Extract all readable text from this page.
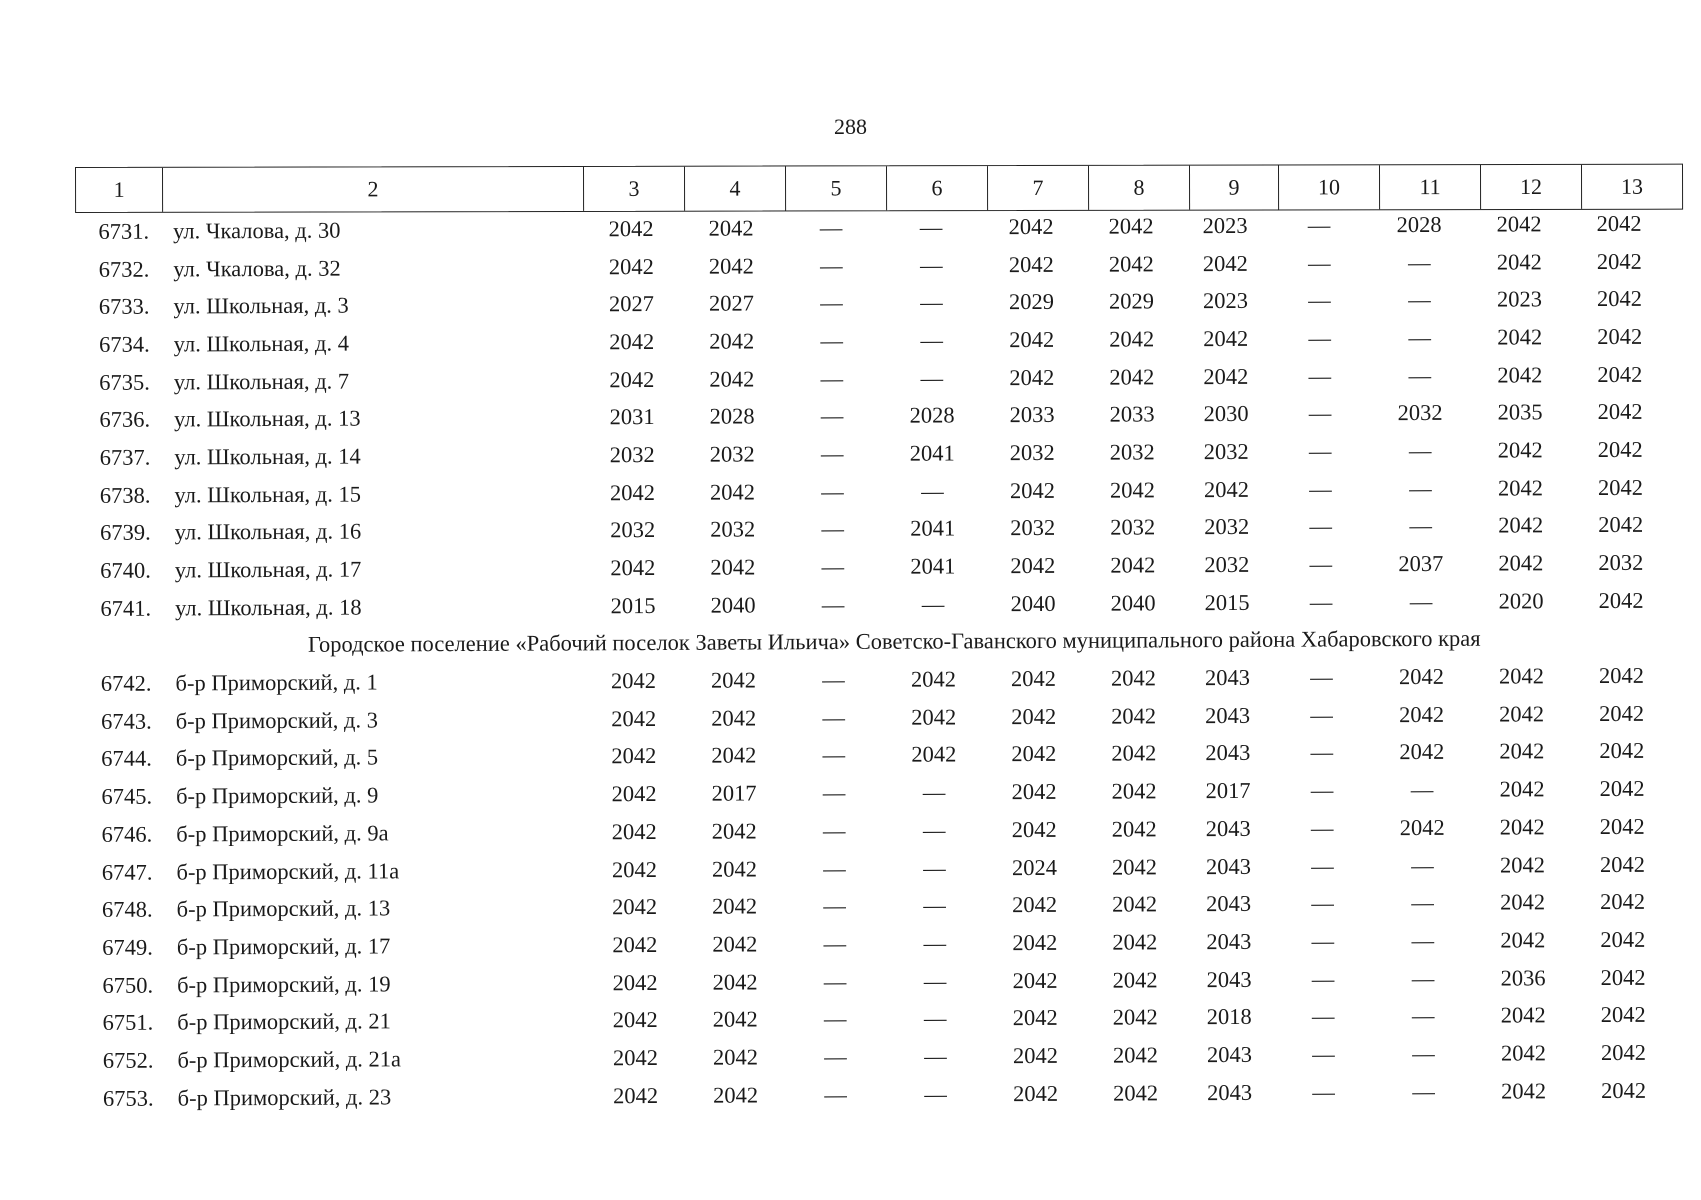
288
1	2	3	4	5	6	7	8	9	10	11	12	13
6731.	ул. Чкалова, д. 30	2042	2042	—	—	2042	2042	2023	—	2028	2042	2042
6732.	ул. Чкалова, д. 32	2042	2042	—	—	2042	2042	2042	—	—	2042	2042
6733.	ул. Школьная, д. 3	2027	2027	—	—	2029	2029	2023	—	—	2023	2042
6734.	ул. Школьная, д. 4	2042	2042	—	—	2042	2042	2042	—	—	2042	2042
6735.	ул. Школьная, д. 7	2042	2042	—	—	2042	2042	2042	—	—	2042	2042
6736.	ул. Школьная, д. 13	2031	2028	—	2028	2033	2033	2030	—	2032	2035	2042
6737.	ул. Школьная, д. 14	2032	2032	—	2041	2032	2032	2032	—	—	2042	2042
6738.	ул. Школьная, д. 15	2042	2042	—	—	2042	2042	2042	—	—	2042	2042
6739.	ул. Школьная, д. 16	2032	2032	—	2041	2032	2032	2032	—	—	2042	2042
6740.	ул. Школьная, д. 17	2042	2042	—	2041	2042	2042	2032	—	2037	2042	2032
6741.	ул. Школьная, д. 18	2015	2040	—	—	2040	2040	2015	—	—	2020	2042
Городское поселение «Рабочий поселок Заветы Ильича» Советско-Гаванского муниципального района Хабаровского края
6742.	б-р Приморский, д. 1	2042	2042	—	2042	2042	2042	2043	—	2042	2042	2042
6743.	б-р Приморский, д. 3	2042	2042	—	2042	2042	2042	2043	—	2042	2042	2042
6744.	б-р Приморский, д. 5	2042	2042	—	2042	2042	2042	2043	—	2042	2042	2042
6745.	б-р Приморский, д. 9	2042	2017	—	—	2042	2042	2017	—	—	2042	2042
6746.	б-р Приморский, д. 9а	2042	2042	—	—	2042	2042	2043	—	2042	2042	2042
6747.	б-р Приморский, д. 11а	2042	2042	—	—	2024	2042	2043	—	—	2042	2042
6748.	б-р Приморский, д. 13	2042	2042	—	—	2042	2042	2043	—	—	2042	2042
6749.	б-р Приморский, д. 17	2042	2042	—	—	2042	2042	2043	—	—	2042	2042
6750.	б-р Приморский, д. 19	2042	2042	—	—	2042	2042	2043	—	—	2036	2042
6751.	б-р Приморский, д. 21	2042	2042	—	—	2042	2042	2018	—	—	2042	2042
6752.	б-р Приморский, д. 21а	2042	2042	—	—	2042	2042	2043	—	—	2042	2042
6753.	б-р Приморский, д. 23	2042	2042	—	—	2042	2042	2043	—	—	2042	2042
